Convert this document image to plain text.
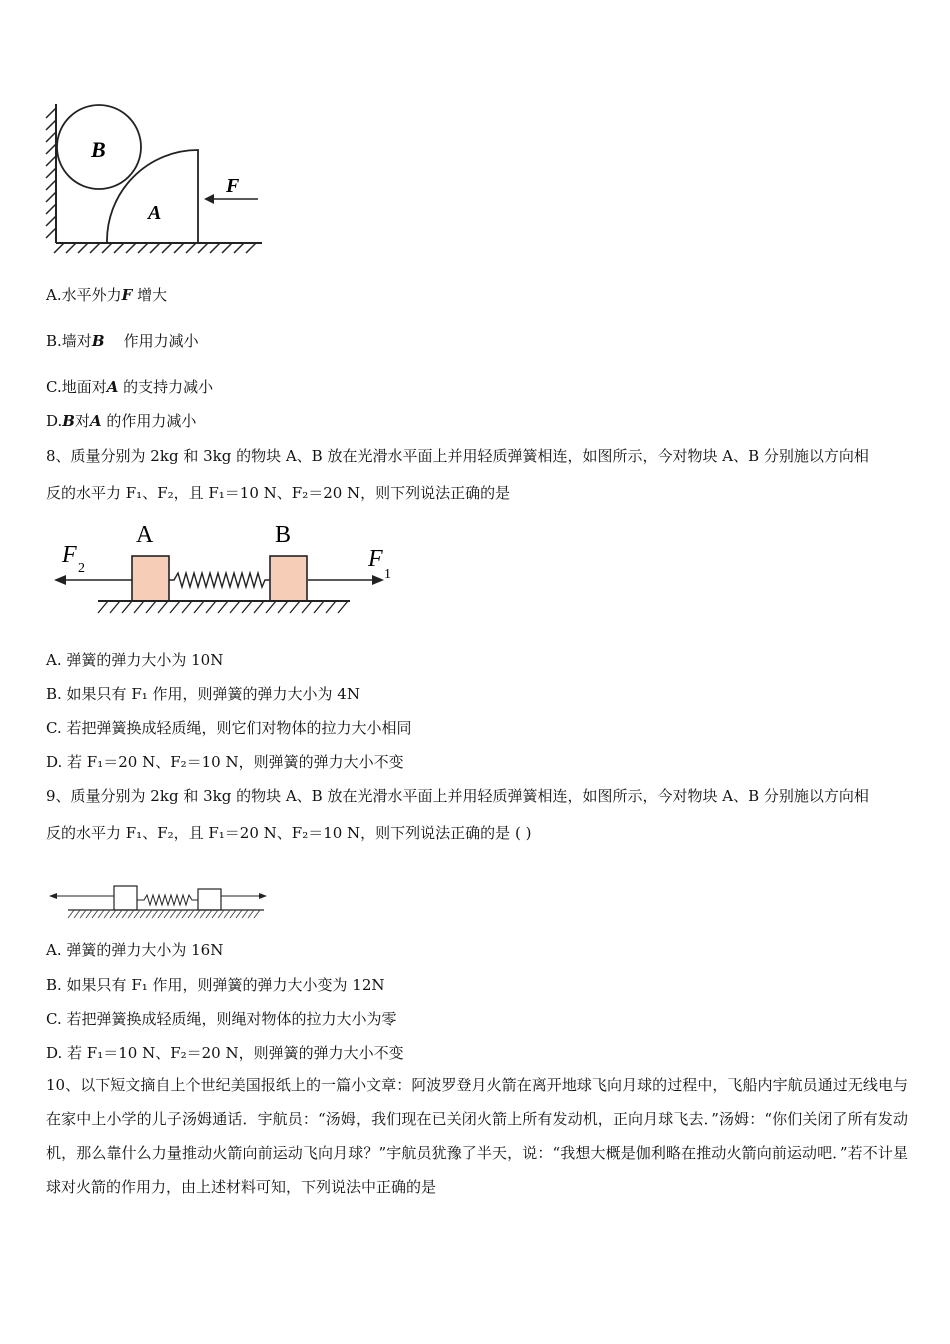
B
A
F
A.水平外力F 增大
B.墙对B 作用力减小
C.地面对A 的支持力减小
D.B对A 的作用力减小
8、质量分别为 2kg 和 3kg 的物块 A、B 放在光滑水平面上并用轻质弹簧相连，如图所示，今对物块 A、B 分别施以方向相
反的水平力 F₁、F₂，且 F₁＝10 N、F₂＝20 N，则下列说法正确的是
F
2
A	B
F
1
A. 弹簧的弹力大小为 10N
B. 如果只有 F₁ 作用，则弹簧的弹力大小为 4N
C. 若把弹簧换成轻质绳，则它们对物体的拉力大小相同
D. 若 F₁＝20 N、F₂＝10 N，则弹簧的弹力大小不变
9、质量分别为 2kg 和 3kg 的物块 A、B 放在光滑水平面上并用轻质弹簧相连，如图所示，今对物块 A、B 分别施以方向相
反的水平力 F₁、F₂，且 F₁＝20 N、F₂＝10 N，则下列说法正确的是 ( )
A. 弹簧的弹力大小为 16N
B. 如果只有 F₁ 作用，则弹簧的弹力大小变为 12N
C. 若把弹簧换成轻质绳，则绳对物体的拉力大小为零
D. 若 F₁＝10 N、F₂＝20 N，则弹簧的弹力大小不变
10、以下短文摘自上个世纪美国报纸上的一篇小文章：阿波罗登月火箭在离开地球飞向月球的过程中，飞船内宇航员通过无线电与在家中上小学的儿子汤姆通话．宇航员：“汤姆，我们现在已关闭火箭上所有发动机，正向月球飞去．”汤姆：“你们关闭了所有发动机，那么靠什么力量推动火箭向前运动飞向月球？”宇航员犹豫了半天，说：“我想大概是伽利略在推动火箭向前运动吧．”若不计星球对火箭的作用力，由上述材料可知，下列说法中正确的是
